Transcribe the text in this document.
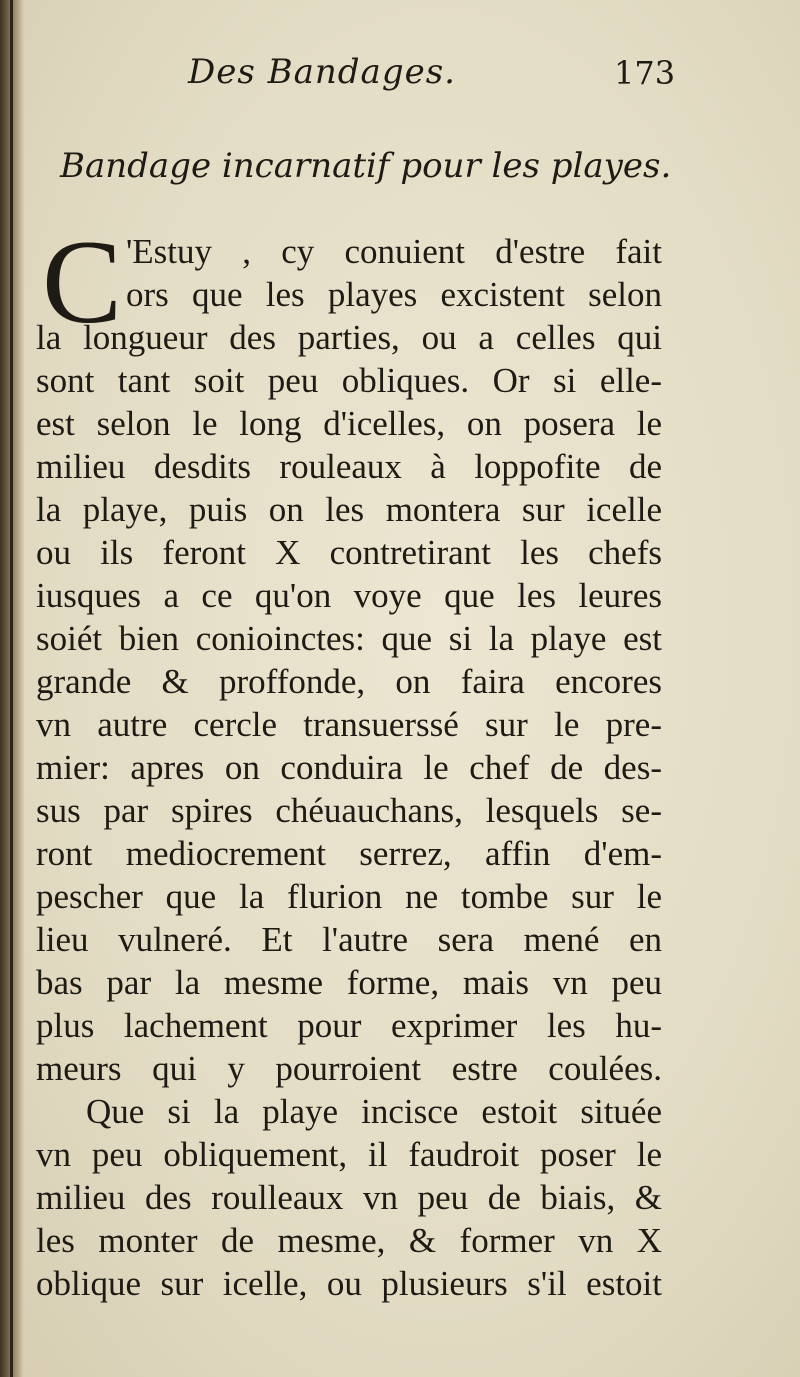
Des Bandages.	173
Bandage incarnatif pour les playes.
C 'Estuy , cy conuient d'estre fait
ors que les playes excistent selon
la longueur des parties, ou a celles qui
sont tant soit peu obliques. Or si elle-
est selon le long d'icelles, on posera le
milieu desdits rouleaux à loppofite de
la playe, puis on les montera sur icelle
ou ils feront X contretirant les chefs
iusques a ce qu'on voye que les leures
soiét bien conioinctes: que si la playe est
grande & proffonde, on faira encores
vn autre cercle transuerssé sur le pre-
mier: apres on conduira le chef de des-
sus par spires chéuauchans, lesquels se-
ront mediocrement serrez, affin d'em-
pescher que la flurion ne tombe sur le
lieu vulneré. Et l'autre sera mené en
bas par la mesme forme, mais vn peu
plus lachement pour exprimer les hu-
meurs qui y pourroient estre coulées.
Que si la playe incisce estoit située
vn peu obliquement, il faudroit poser le
milieu des roulleaux vn peu de biais, &
les monter de mesme, & former vn X
oblique sur icelle, ou plusieurs s'il estoit
